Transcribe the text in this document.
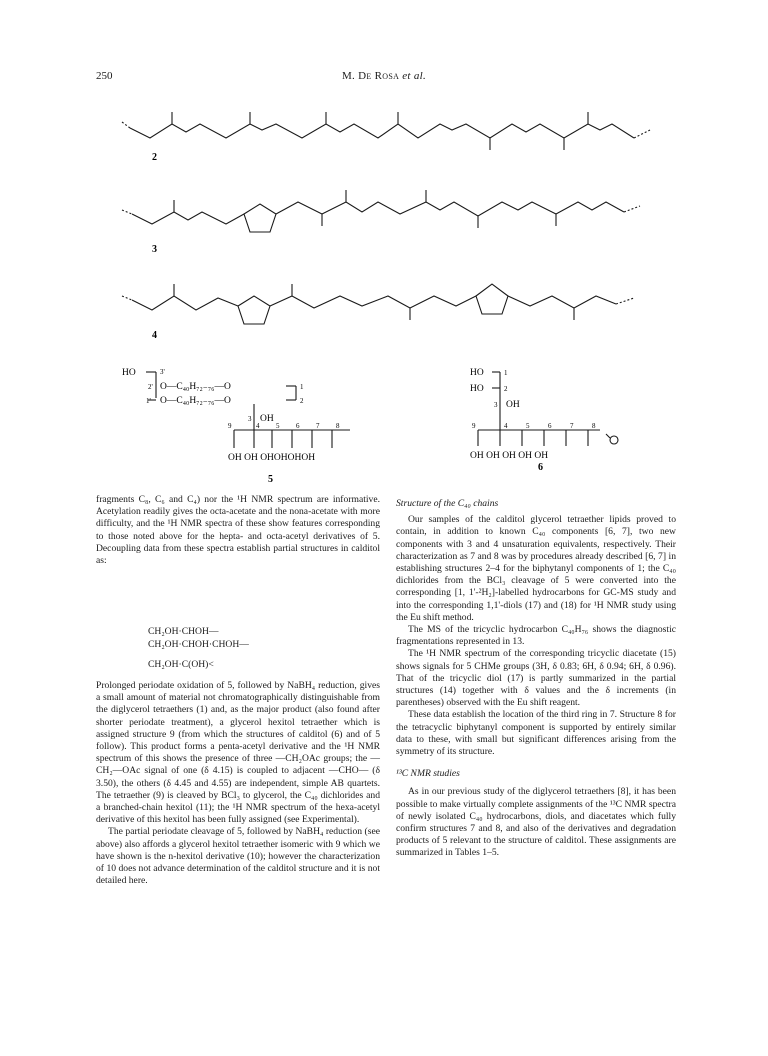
250	M. De Rosa et al.
2
3
4
5
6
HO	3'
2' O—C₄₀H₇₂₋₇₆—O	1
1' O—C₄₀H₇₂₋₇₆—O	2
3 OH
9	4 5 6 7 8
OH OH OHOHOHOH
HO	1
HO	2
3 OH
9	4	5	6	7	8
OH OH OH OH OH

fragments C₈, C₆ and C₄) nor the ¹H NMR spectrum are informative. Acetylation readily gives the octa-acetate and the nona-acetate with more difficulty, and the ¹H NMR spectra of these show features corresponding to those noted above for the hepta- and octa-acetyl derivatives of 5. Decoupling data from these spectra establish partial structures in calditol as:

CH₂OH·CHOH—
CH₂OH·CHOH·CHOH—
CH₂OH·C(OH)<

Prolonged periodate oxidation of 5, followed by NaBH₄ reduction, gives a small amount of material not chromatographically distinguishable from the diglycerol tetraethers (1) and, as the major product (also found after shorter periodate treatment), a glycerol hexitol tetraether which is assigned structure 9 (from which the structures of calditol (6) and of 5 follow). This product forms a penta-acetyl derivative and the ¹H NMR spectrum of this shows the presence of three —CH₂OAc groups; the —CH₂—OAc signal of one (δ 4.15) is coupled to adjacent —CHO— (δ 3.50), the others (δ 4.45 and 4.55) are independent, simple AB quartets. The tetraether (9) is cleaved by BCl₃ to glycerol, the C₄₀ dichlorides and a branched-chain hexitol (11); the ¹H NMR spectrum of the hexa-acetyl derivative of this hexitol has been fully assigned (see Experimental).

The partial periodate cleavage of 5, followed by NaBH₄ reduction (see above) also affords a glycerol hexitol tetraether isomeric with 9 which we have shown is the n-hexitol derivative (10); however the characterization of 10 does not advance determination of the calditol structure and it is not detailed here.

Structure of the C₄₀ chains

Our samples of the calditol glycerol tetraether lipids proved to contain, in addition to known C₄₀ components [6, 7], two new components with 3 and 4 unsaturation equivalents, respectively. Their characterization as 7 and 8 was by procedures already described [6, 7] in establishing structures 2–4 for the biphytanyl components of 1; the C₄₀ dichlorides from the BCl₃ cleavage of 5 were converted into the corresponding [1, 1'-²H₂]-labelled hydrocarbons for GC-MS study and into the corresponding 1,1'-diols (17) and (18) for ¹H NMR study using the Eu shift method.

The MS of the tricyclic hydrocarbon C₄₀H₇₆ shows the diagnostic fragmentations represented in 13.

The ¹H NMR spectrum of the corresponding tricyclic diacetate (15) shows signals for 5 CHMe groups (3H, δ 0.83; 6H, δ 0.94; 6H, δ 0.96). That of the tricyclic diol (17) is partly summarized in the partial structures (14) together with δ values and the δ increments (in parentheses) observed with the Eu shift reagent.

These data establish the location of the third ring in 7. Structure 8 for the tetracyclic biphytanyl component is supported by entirely similar data to these, with small but significant differences arising from the symmetry of its structure.

¹³C NMR studies

As in our previous study of the diglycerol tetraethers [8], it has been possible to make virtually complete assignments of the ¹³C NMR spectra of newly isolated C₄₀ hydrocarbons, diols, and diacetates which fully confirm structures 7 and 8, and also of the derivatives and degradation products of 5 relevant to the structure of calditol. These assignments are summarized in Tables 1–5.
